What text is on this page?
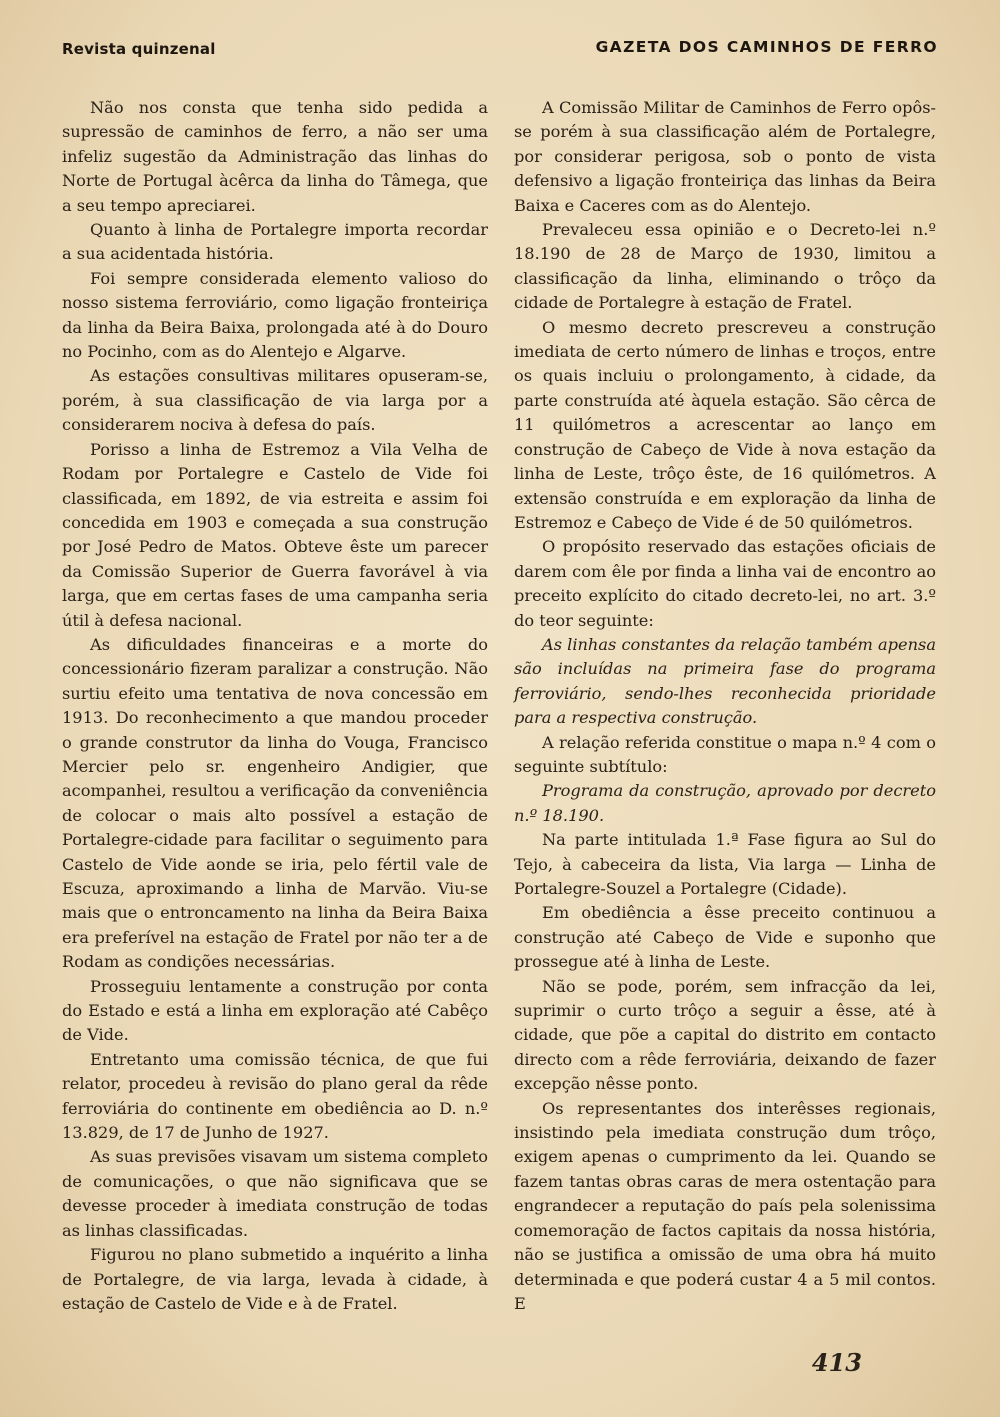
Revista quinzenal	GAZETA DOS CAMINHOS DE FERRO

Não nos consta que tenha sido pedida a supressão de caminhos de ferro, a não ser uma infeliz sugestão da Administração das linhas do Norte de Portugal àcêrca da linha do Tâmega, que a seu tempo apreciarei.

Quanto à linha de Portalegre importa recordar a sua acidentada história.

Foi sempre considerada elemento valioso do nosso sistema ferroviário, como ligação fronteiriça da linha da Beira Baixa, prolongada até à do Douro no Pocinho, com as do Alentejo e Algarve.

As estações consultivas militares opuseram-se, porém, à sua classificação de via larga por a considerarem nociva à defesa do país.

Porisso a linha de Estremoz a Vila Velha de Rodam por Portalegre e Castelo de Vide foi classificada, em 1892, de via estreita e assim foi concedida em 1903 e começada a sua construção por José Pedro de Matos. Obteve êste um parecer da Comissão Superior de Guerra favorável à via larga, que em certas fases de uma campanha seria útil à defesa nacional.

As dificuldades financeiras e a morte do concessionário fizeram paralizar a construção. Não surtiu efeito uma tentativa de nova concessão em 1913. Do reconhecimento a que mandou proceder o grande construtor da linha do Vouga, Francisco Mercier pelo sr. engenheiro Andigier, que acompanhei, resultou a verificação da conveniência de colocar o mais alto possível a estação de Portalegre-cidade para facilitar o seguimento para Castelo de Vide aonde se iria, pelo fértil vale de Escuza, aproximando a linha de Marvão. Viu-se mais que o entroncamento na linha da Beira Baixa era preferível na estação de Fratel por não ter a de Rodam as condições necessárias.

Prosseguiu lentamente a construção por conta do Estado e está a linha em exploração até Cabêço de Vide.

Entretanto uma comissão técnica, de que fui relator, procedeu à revisão do plano geral da rêde ferroviária do continente em obediência ao D. n.º 13.829, de 17 de Junho de 1927.

As suas previsões visavam um sistema completo de comunicações, o que não significava que se devesse proceder à imediata construção de todas as linhas classificadas.

Figurou no plano submetido a inquérito a linha de Portalegre, de via larga, levada à cidade, à estação de Castelo de Vide e à de Fratel.

A Comissão Militar de Caminhos de Ferro opôs-se porém à sua classificação além de Portalegre, por considerar perigosa, sob o ponto de vista defensivo a ligação fronteiriça das linhas da Beira Baixa e Caceres com as do Alentejo.

Prevaleceu essa opinião e o Decreto-lei n.º 18.190 de 28 de Março de 1930, limitou a classificação da linha, eliminando o trôço da cidade de Portalegre à estação de Fratel.

O mesmo decreto prescreveu a construção imediata de certo número de linhas e troços, entre os quais incluiu o prolongamento, à cidade, da parte construída até àquela estação. São cêrca de 11 quilómetros a acrescentar ao lanço em construção de Cabeço de Vide à nova estação da linha de Leste, trôço êste, de 16 quilómetros. A extensão construída e em exploração da linha de Estremoz e Cabeço de Vide é de 50 quilómetros.

O propósito reservado das estações oficiais de darem com êle por finda a linha vai de encontro ao preceito explícito do citado decreto-lei, no art. 3.º do teor seguinte:

As linhas constantes da relação também apensa são incluídas na primeira fase do programa ferroviário, sendo-lhes reconhecida prioridade para a respectiva construção.

A relação referida constitue o mapa n.º 4 com o seguinte subtítulo:

Programa da construção, aprovado por decreto n.º 18.190.

Na parte intitulada 1.ª Fase figura ao Sul do Tejo, à cabeceira da lista, Via larga — Linha de Portalegre-Souzel a Portalegre (Cidade).

Em obediência a êsse preceito continuou a construção até Cabeço de Vide e suponho que prossegue até à linha de Leste.

Não se pode, porém, sem infracção da lei, suprimir o curto trôço a seguir a êsse, até à cidade, que põe a capital do distrito em contacto directo com a rêde ferroviária, deixando de fazer excepção nêsse ponto.

Os representantes dos interêsses regionais, insistindo pela imediata construção dum trôço, exigem apenas o cumprimento da lei. Quando se fazem tantas obras caras de mera ostentação para engrandecer a reputação do país pela solenissima comemoração de factos capitais da nossa história, não se justifica a omissão de uma obra há muito determinada e que poderá custar 4 a 5 mil contos. E

413
